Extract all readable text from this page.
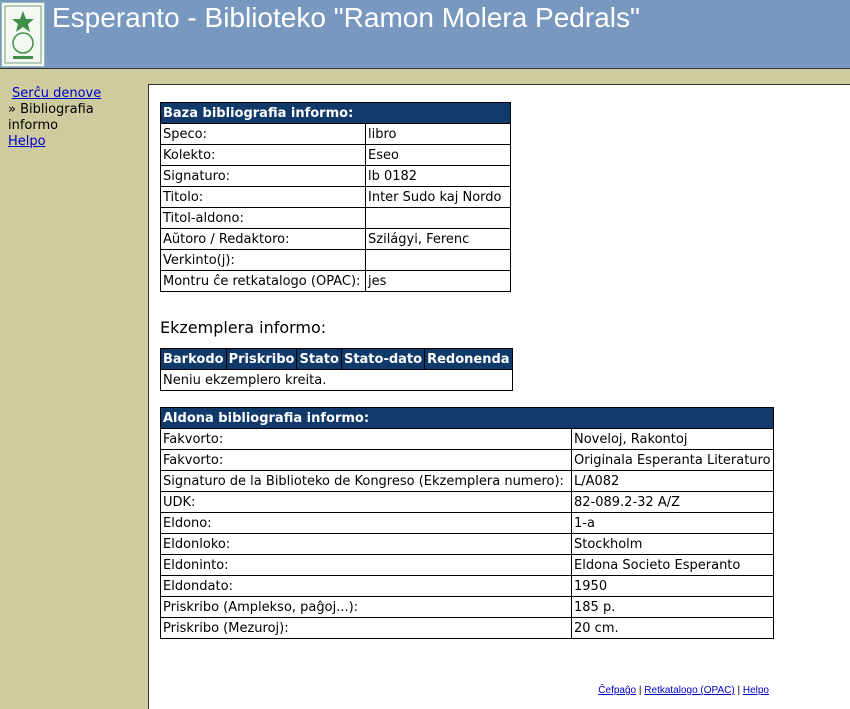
Esperanto - Biblioteko "Ramon Molera Pedrals"
Serĉu denove
» Bibliografia informo
Helpo
Baza bibliografia informo:	
Speco:	libro
Kolekto:	Eseo
Signaturo:	lb 0182
Titolo:	Inter Sudo kaj Nordo
Titol-aldono:	
Aŭtoro / Redaktoro:	Szilágyi, Ferenc
Verkinto(j):	
Montru ĉe retkatalogo (OPAC):	jes
Ekzemplera informo:
Barkodo	Priskribo	Stato	Stato-dato	Redonenda
Neniu ekzemplero kreita.
Aldona bibliografia informo:	
Fakvorto:	Noveloj, Rakontoj
Fakvorto:	Originala Esperanta Literaturo
Signaturo de la Biblioteko de Kongreso (Ekzemplera numero):	L/A082
UDK:	82-089.2-32 A/Z
Eldono:	1-a
Eldonloko:	Stockholm
Eldoninto:	Eldona Societo Esperanto
Eldondato:	1950
Priskribo (Amplekso, paĝoj...):	185 p.
Priskribo (Mezuroj):	20 cm.
Ĉefpaĝo | Retkatalogo (OPAC) | Helpo
